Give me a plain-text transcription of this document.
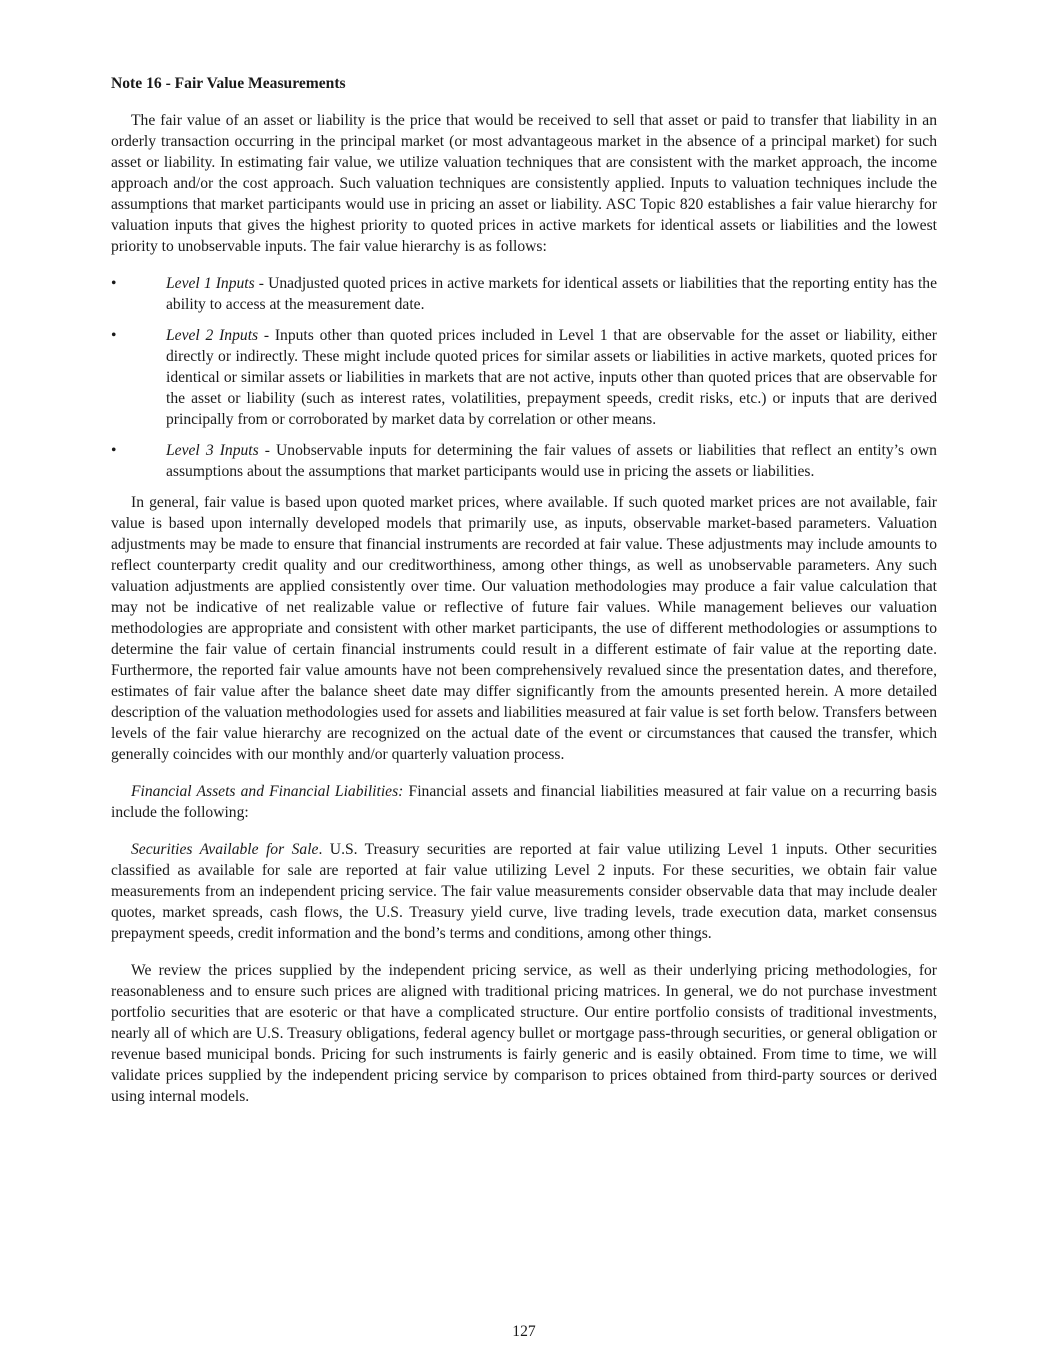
Note 16 - Fair Value Measurements

The fair value of an asset or liability is the price that would be received to sell that asset or paid to transfer that liability in an orderly transaction occurring in the principal market (or most advantageous market in the absence of a principal market) for such asset or liability. In estimating fair value, we utilize valuation techniques that are consistent with the market approach, the income approach and/or the cost approach. Such valuation techniques are consistently applied. Inputs to valuation techniques include the assumptions that market participants would use in pricing an asset or liability. ASC Topic 820 establishes a fair value hierarchy for valuation inputs that gives the highest priority to quoted prices in active markets for identical assets or liabilities and the lowest priority to unobservable inputs. The fair value hierarchy is as follows:

•	Level 1 Inputs - Unadjusted quoted prices in active markets for identical assets or liabilities that the reporting entity has the ability to access at the measurement date.
•	Level 2 Inputs - Inputs other than quoted prices included in Level 1 that are observable for the asset or liability, either directly or indirectly. These might include quoted prices for similar assets or liabilities in active markets, quoted prices for identical or similar assets or liabilities in markets that are not active, inputs other than quoted prices that are observable for the asset or liability (such as interest rates, volatilities, prepayment speeds, credit risks, etc.) or inputs that are derived principally from or corroborated by market data by correlation or other means.
•	Level 3 Inputs - Unobservable inputs for determining the fair values of assets or liabilities that reflect an entity’s own assumptions about the assumptions that market participants would use in pricing the assets or liabilities.

In general, fair value is based upon quoted market prices, where available. If such quoted market prices are not available, fair value is based upon internally developed models that primarily use, as inputs, observable market-based parameters. Valuation adjustments may be made to ensure that financial instruments are recorded at fair value. These adjustments may include amounts to reflect counterparty credit quality and our creditworthiness, among other things, as well as unobservable parameters. Any such valuation adjustments are applied consistently over time. Our valuation methodologies may produce a fair value calculation that may not be indicative of net realizable value or reflective of future fair values. While management believes our valuation methodologies are appropriate and consistent with other market participants, the use of different methodologies or assumptions to determine the fair value of certain financial instruments could result in a different estimate of fair value at the reporting date. Furthermore, the reported fair value amounts have not been comprehensively revalued since the presentation dates, and therefore, estimates of fair value after the balance sheet date may differ significantly from the amounts presented herein. A more detailed description of the valuation methodologies used for assets and liabilities measured at fair value is set forth below. Transfers between levels of the fair value hierarchy are recognized on the actual date of the event or circumstances that caused the transfer, which generally coincides with our monthly and/or quarterly valuation process.

Financial Assets and Financial Liabilities: Financial assets and financial liabilities measured at fair value on a recurring basis include the following:

Securities Available for Sale. U.S. Treasury securities are reported at fair value utilizing Level 1 inputs. Other securities classified as available for sale are reported at fair value utilizing Level 2 inputs. For these securities, we obtain fair value measurements from an independent pricing service. The fair value measurements consider observable data that may include dealer quotes, market spreads, cash flows, the U.S. Treasury yield curve, live trading levels, trade execution data, market consensus prepayment speeds, credit information and the bond’s terms and conditions, among other things.

We review the prices supplied by the independent pricing service, as well as their underlying pricing methodologies, for reasonableness and to ensure such prices are aligned with traditional pricing matrices. In general, we do not purchase investment portfolio securities that are esoteric or that have a complicated structure. Our entire portfolio consists of traditional investments, nearly all of which are U.S. Treasury obligations, federal agency bullet or mortgage pass-through securities, or general obligation or revenue based municipal bonds. Pricing for such instruments is fairly generic and is easily obtained. From time to time, we will validate prices supplied by the independent pricing service by comparison to prices obtained from third-party sources or derived using internal models.

127
